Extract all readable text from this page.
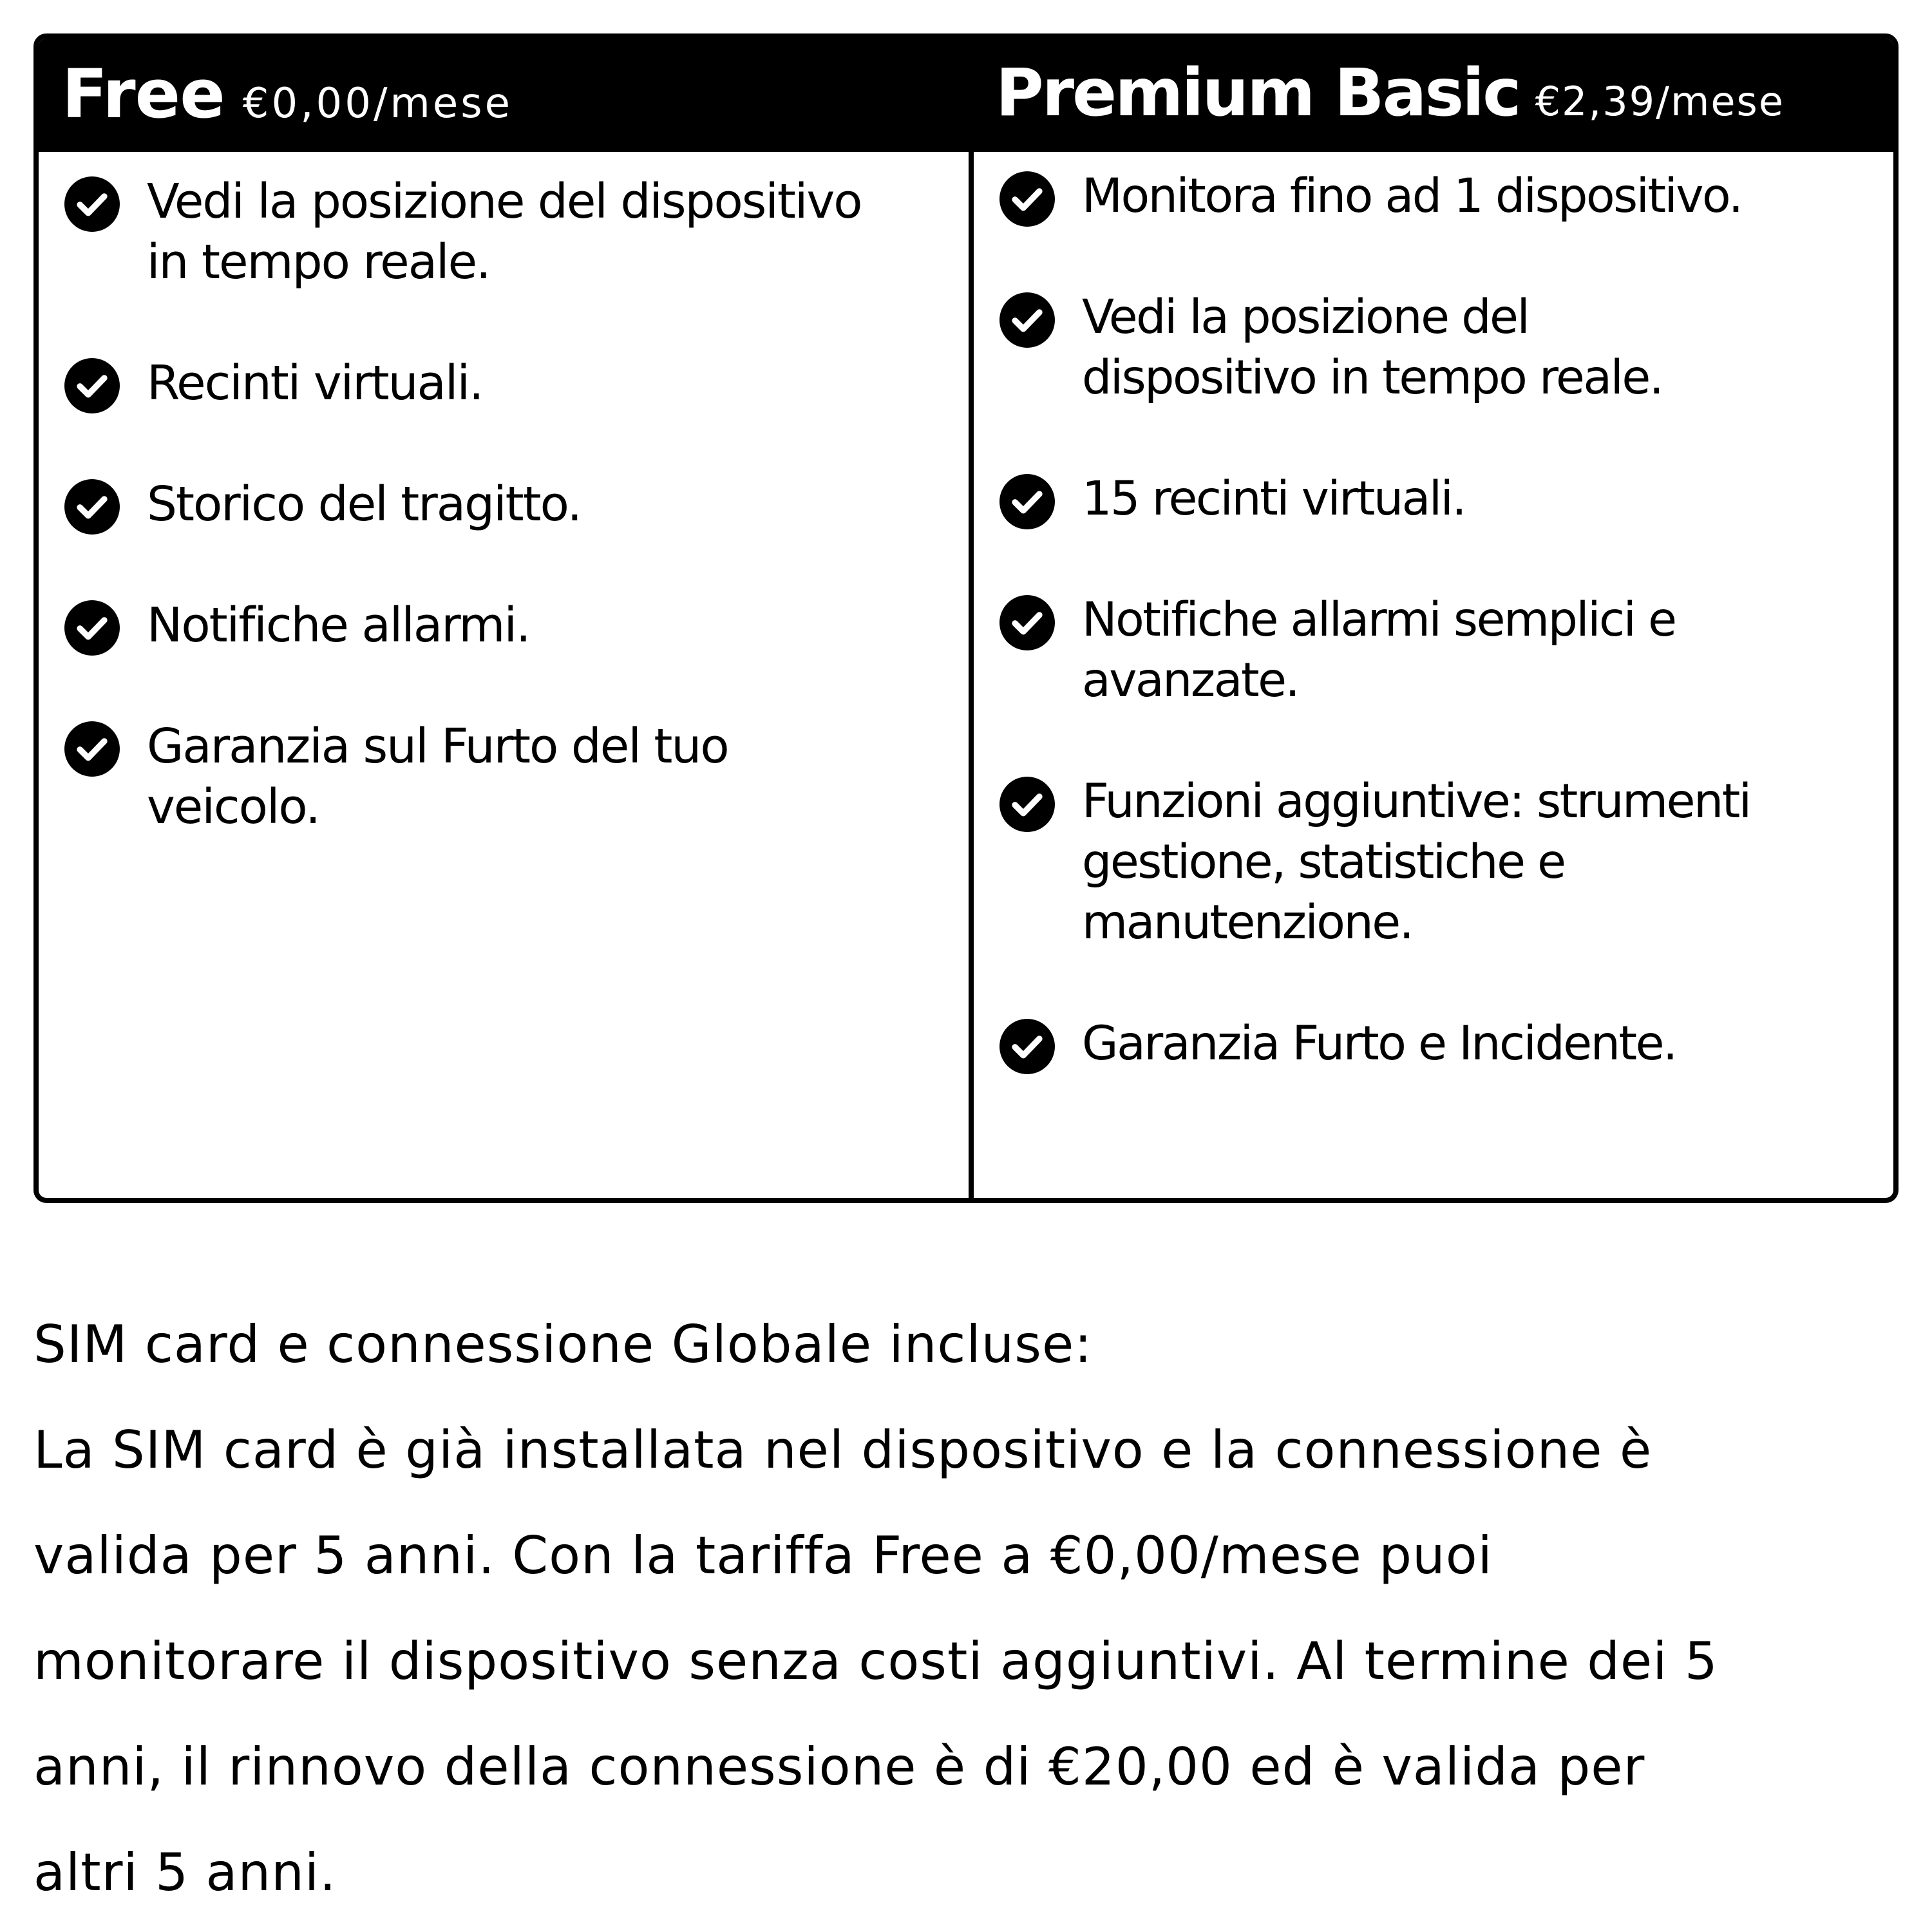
Free €0,00/mese
Vedi la posizione del dispositivo
in tempo reale.
Recinti virtuali.
Storico del tragitto.
Notifiche allarmi.
Garanzia sul Furto del tuo
veicolo.
Premium Basic €2,39/mese
Monitora fino ad 1 dispositivo.
Vedi la posizione del
dispositivo in tempo reale.
15 recinti virtuali.
Notifiche allarmi semplici e
avanzate.
Funzioni aggiuntive: strumenti
gestione, statistiche e
manutenzione.
Garanzia Furto e Incidente.
SIM card e connessione Globale incluse:
La SIM card è già installata nel dispositivo e la connessione è
valida per 5 anni. Con la tariffa Free a €0,00/mese puoi
monitorare il dispositivo senza costi aggiuntivi. Al termine dei 5
anni, il rinnovo della connessione è di €20,00 ed è valida per
altri 5 anni.
